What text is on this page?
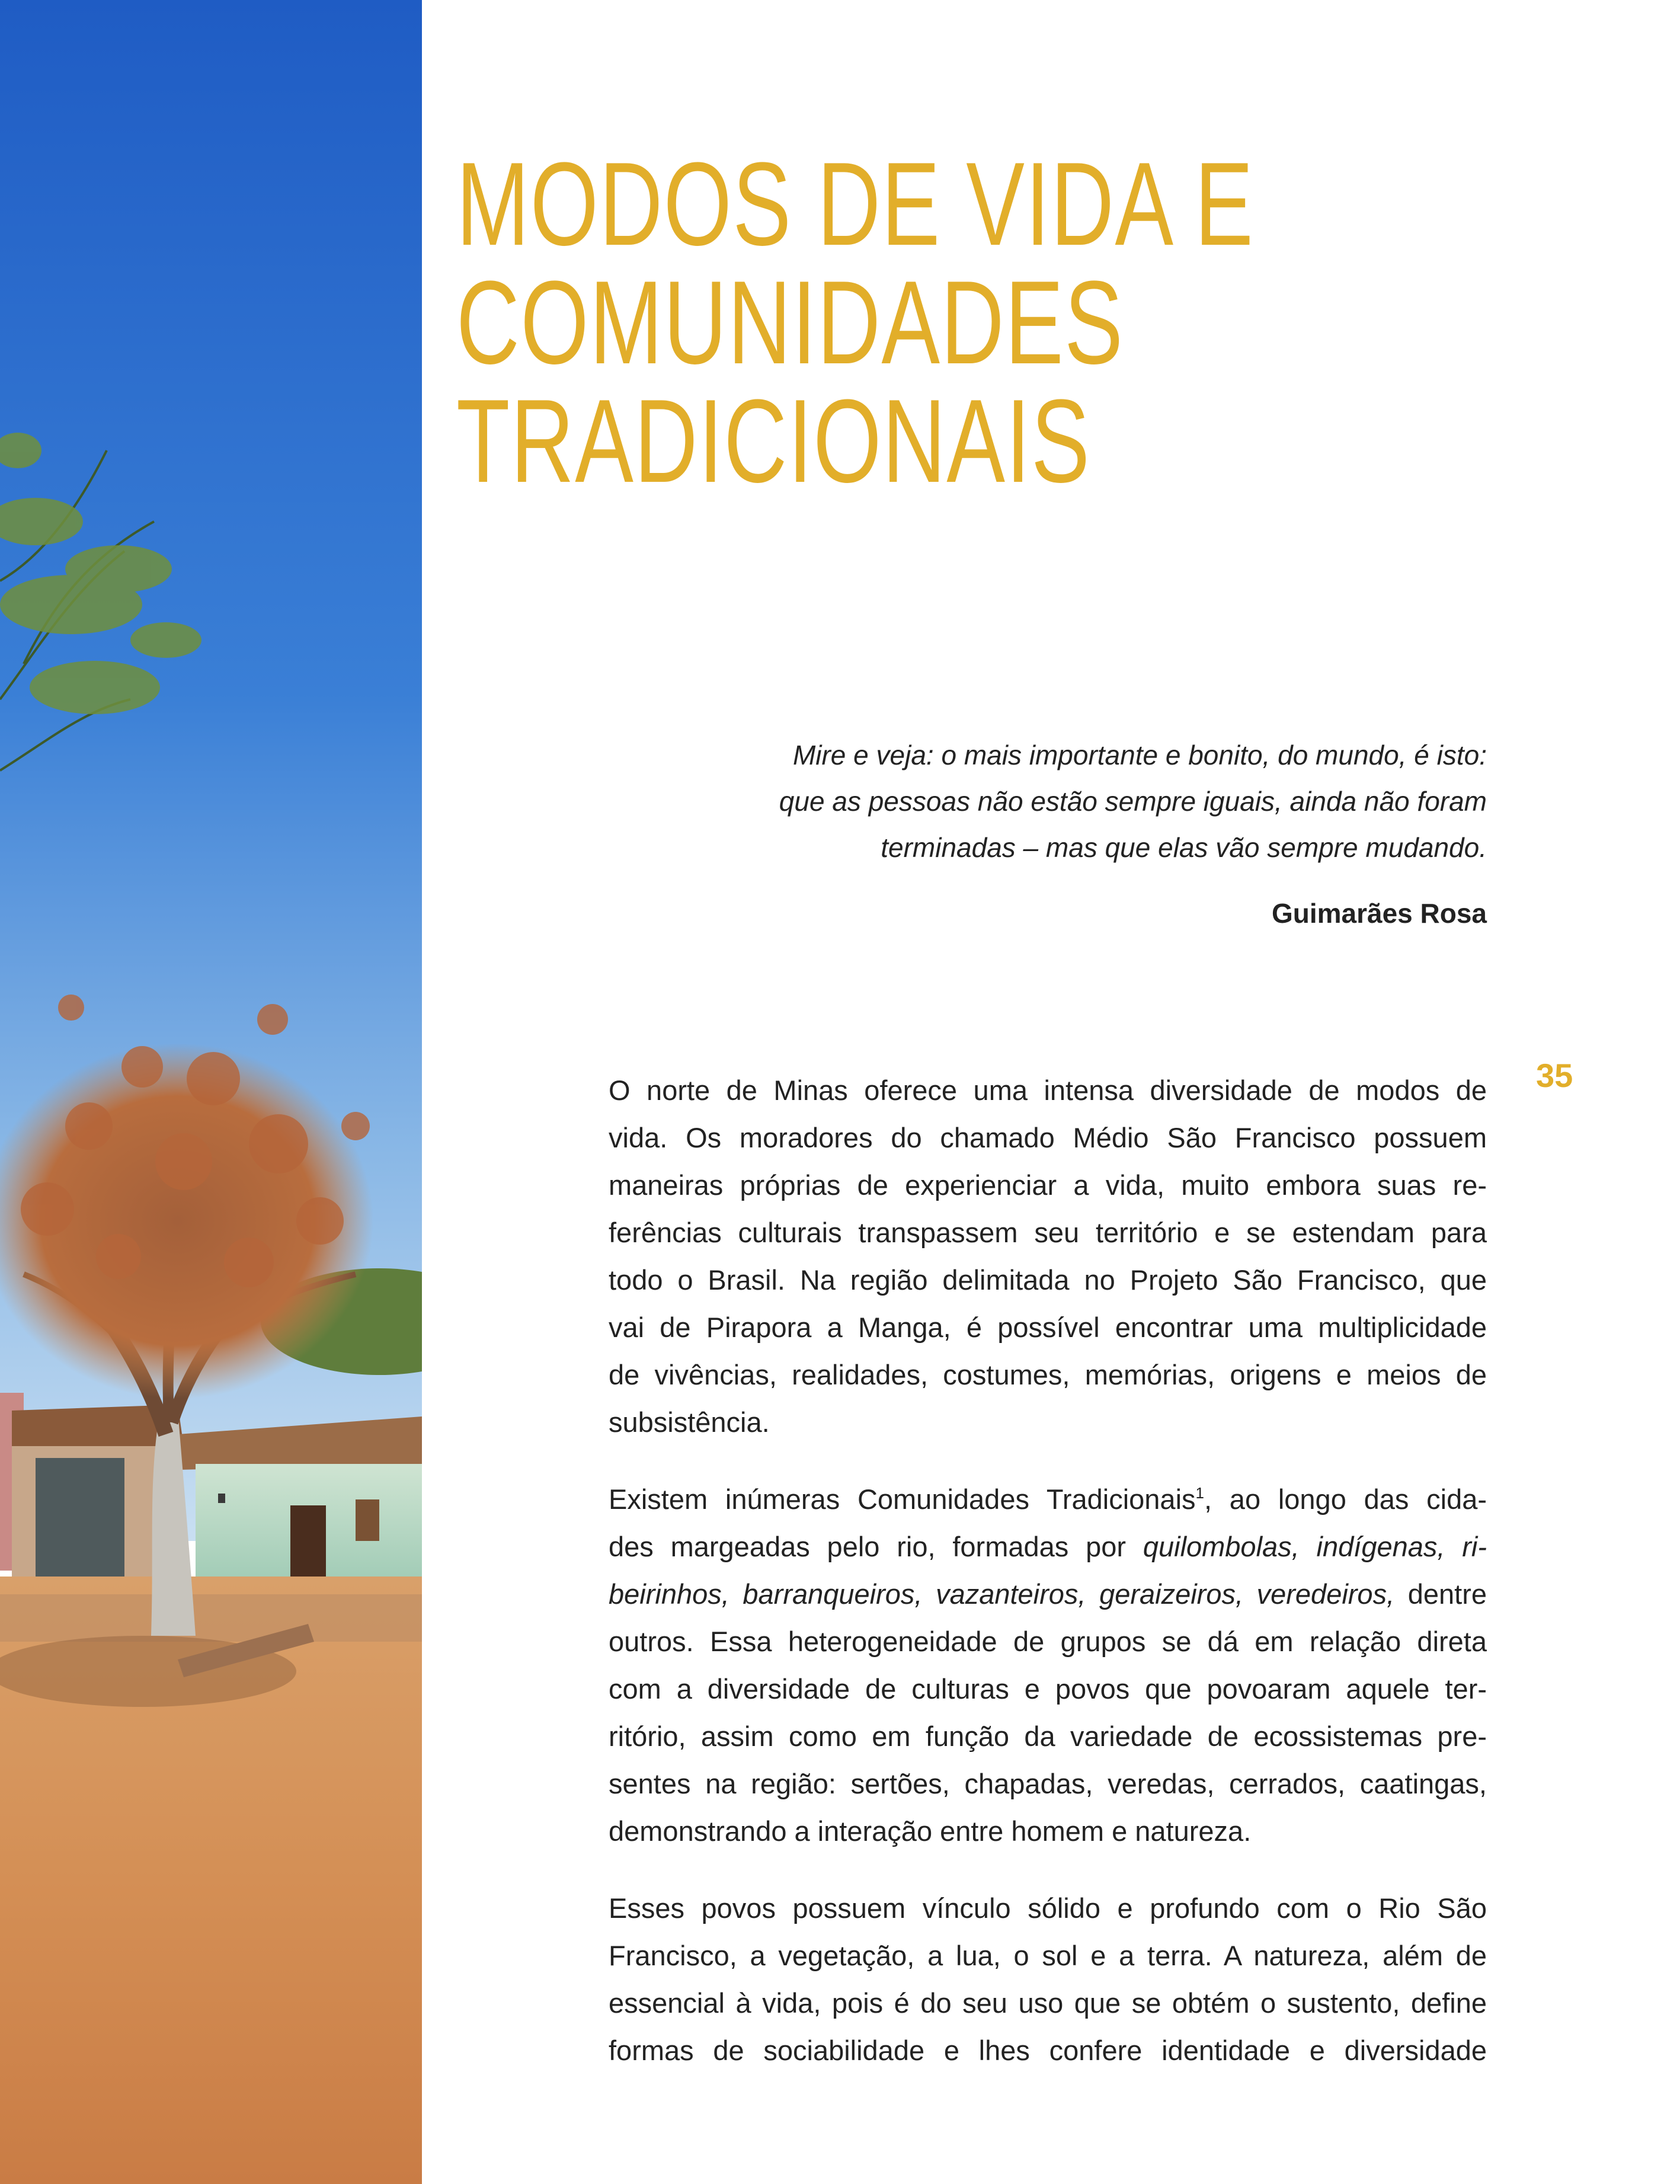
MODOS DE VIDA E
COMUNIDADES
TRADICIONAIS
Mire e veja: o mais importante e bonito, do mundo, é isto:
que as pessoas não estão sempre iguais, ainda não foram
terminadas – mas que elas vão sempre mudando.
Guimarães Rosa
35

O norte de Minas oferece uma intensa diversidade de modos de
vida. Os moradores do chamado Médio São Francisco possuem
maneiras próprias de experienciar a vida, muito embora suas re-
ferências culturais transpassem seu território e se estendam para
todo o Brasil. Na região delimitada no Projeto São Francisco, que
vai de Pirapora a Manga, é possível encontrar uma multiplicidade
de vivências, realidades, costumes, memórias, origens e meios de
subsistência.

Existem inúmeras Comunidades Tradicionais$^1$, ao longo das cida-
des margeadas pelo rio, formadas por quilombolas, indígenas, ri-
beirinhos, barranqueiros, vazanteiros, geraizeiros, veredeiros, dentre
outros. Essa heterogeneidade de grupos se dá em relação direta
com a diversidade de culturas e povos que povoaram aquele ter-
ritório, assim como em função da variedade de ecossistemas pre-
sentes na região: sertões, chapadas, veredas, cerrados, caatingas,
demonstrando a interação entre homem e natureza.

Esses povos possuem vínculo sólido e profundo com o Rio São
Francisco, a vegetação, a lua, o sol e a terra. A natureza, além de
essencial à vida, pois é do seu uso que se obtém o sustento, define
formas de sociabilidade e lhes confere identidade e diversidade
